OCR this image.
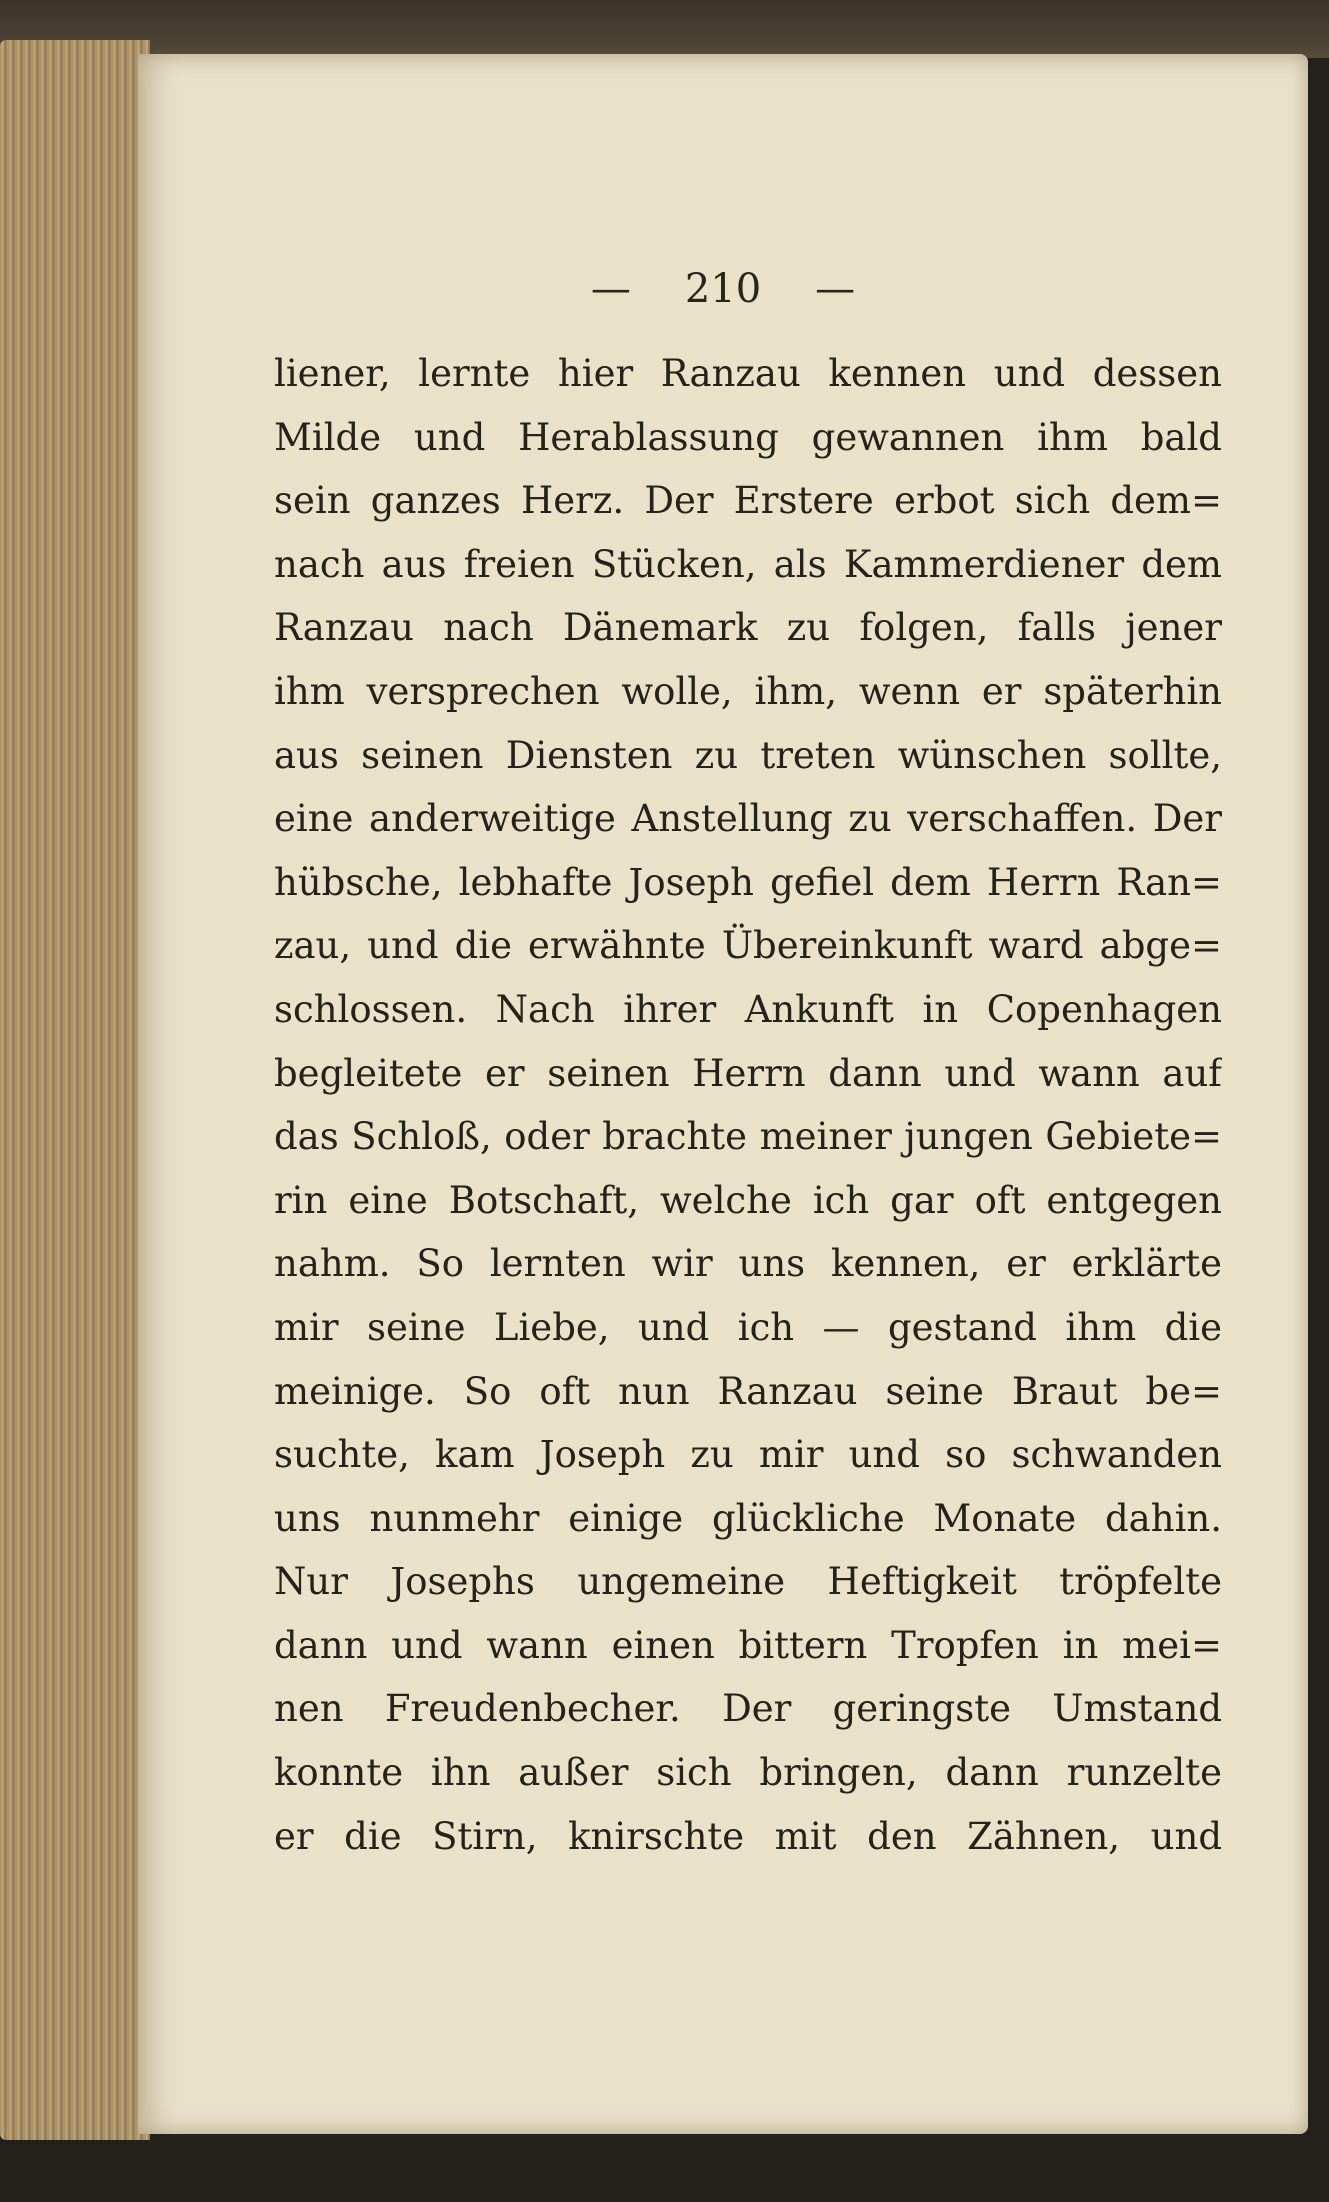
— 210 —
liener, lernte hier Ranzau kennen und dessen
Milde und Herablassung gewannen ihm bald
sein ganzes Herz. Der Erstere erbot sich dem=
nach aus freien Stücken, als Kammerdiener dem
Ranzau nach Dänemark zu folgen, falls jener
ihm versprechen wolle, ihm, wenn er späterhin
aus seinen Diensten zu treten wünschen sollte,
eine anderweitige Anstellung zu verschaffen. Der
hübsche, lebhafte Joseph gefiel dem Herrn Ran=
zau, und die erwähnte Übereinkunft ward abge=
schlossen. Nach ihrer Ankunft in Copenhagen
begleitete er seinen Herrn dann und wann auf
das Schloß, oder brachte meiner jungen Gebiete=
rin eine Botschaft, welche ich gar oft entgegen
nahm. So lernten wir uns kennen, er erklärte
mir seine Liebe, und ich — gestand ihm die
meinige. So oft nun Ranzau seine Braut be=
suchte, kam Joseph zu mir und so schwanden
uns nunmehr einige glückliche Monate dahin.
Nur Josephs ungemeine Heftigkeit tröpfelte
dann und wann einen bittern Tropfen in mei=
nen Freudenbecher. Der geringste Umstand
konnte ihn außer sich bringen, dann runzelte
er die Stirn, knirschte mit den Zähnen, und
